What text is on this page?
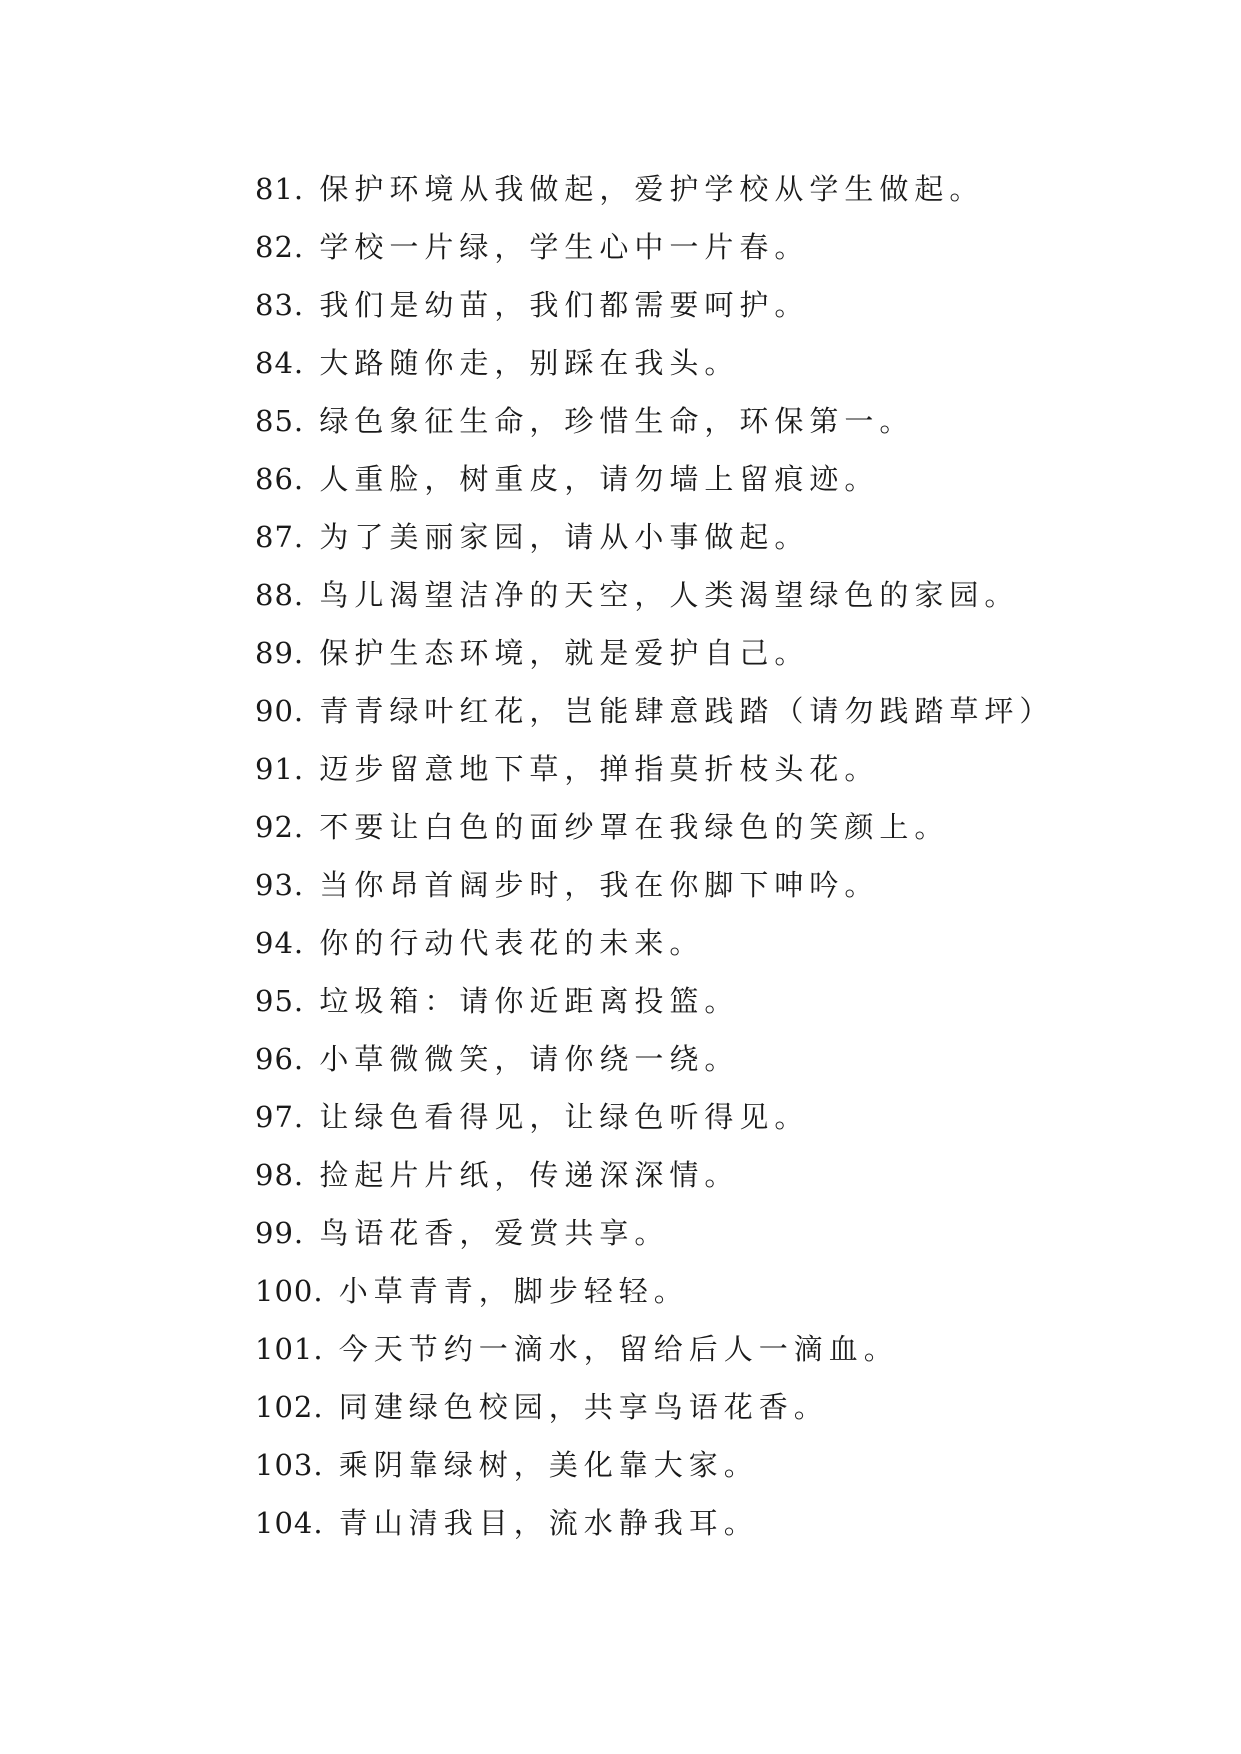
81. 保护环境从我做起，爱护学校从学生做起。
82. 学校一片绿，学生心中一片春。
83. 我们是幼苗，我们都需要呵护。
84. 大路随你走，别踩在我头。
85. 绿色象征生命，珍惜生命，环保第一。
86. 人重脸，树重皮，请勿墙上留痕迹。
87. 为了美丽家园，请从小事做起。
88. 鸟儿渴望洁净的天空，人类渴望绿色的家园。
89. 保护生态环境，就是爱护自己。
90. 青青绿叶红花，岂能肆意践踏（请勿践踏草坪）
91. 迈步留意地下草，掸指莫折枝头花。
92. 不要让白色的面纱罩在我绿色的笑颜上。
93. 当你昂首阔步时，我在你脚下呻吟。
94. 你的行动代表花的未来。
95. 垃圾箱：请你近距离投篮。
96. 小草微微笑，请你绕一绕。
97. 让绿色看得见，让绿色听得见。
98. 捡起片片纸，传递深深情。
99. 鸟语花香，爱赏共享。
100. 小草青青，脚步轻轻。
101. 今天节约一滴水，留给后人一滴血。
102. 同建绿色校园，共享鸟语花香。
103. 乘阴靠绿树，美化靠大家。
104. 青山清我目，流水静我耳。
